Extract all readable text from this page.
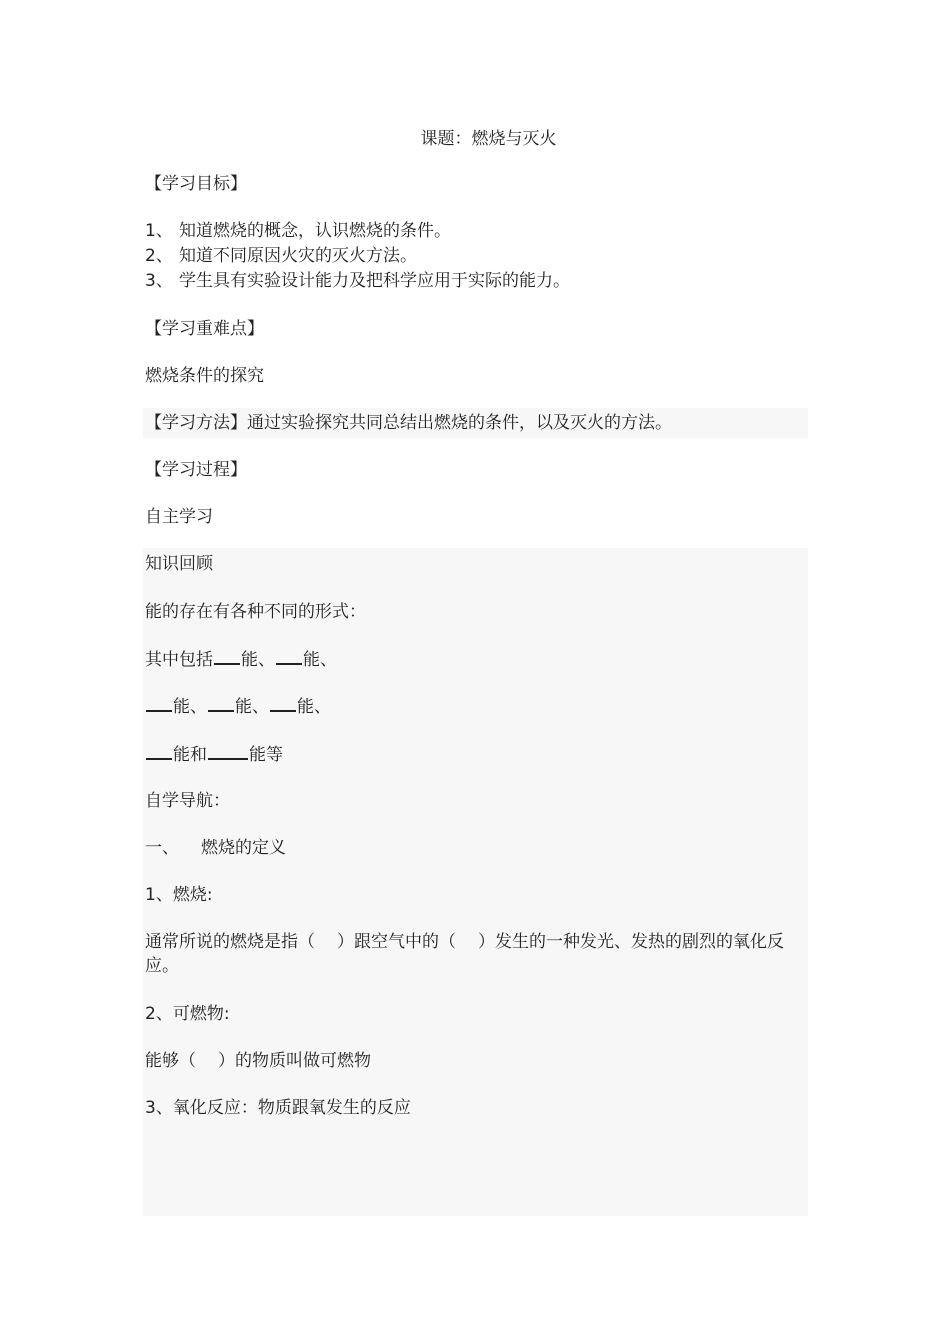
课题：燃烧与灭火
【学习目标】
1、 知道燃烧的概念，认识燃烧的条件。
2、 知道不同原因火灾的灭火方法。
3、 学生具有实验设计能力及把科学应用于实际的能力。
【学习重难点】
燃烧条件的探究
【学习方法】通过实验探究共同总结出燃烧的条件，以及灭火的方法。
【学习过程】
自主学习
知识回顾
能的存在有各种不同的形式：
其中包括 能、 能、
能、 能、 能、
能和 能等
自学导航：
一、 燃烧的定义
1、燃烧:
通常所说的燃烧是指（ ）跟空气中的（ ）发生的一种发光、发热的剧烈的氧化反应。
2、可燃物:
能够（ ）的物质叫做可燃物
3、氧化反应：物质跟氧发生的反应
